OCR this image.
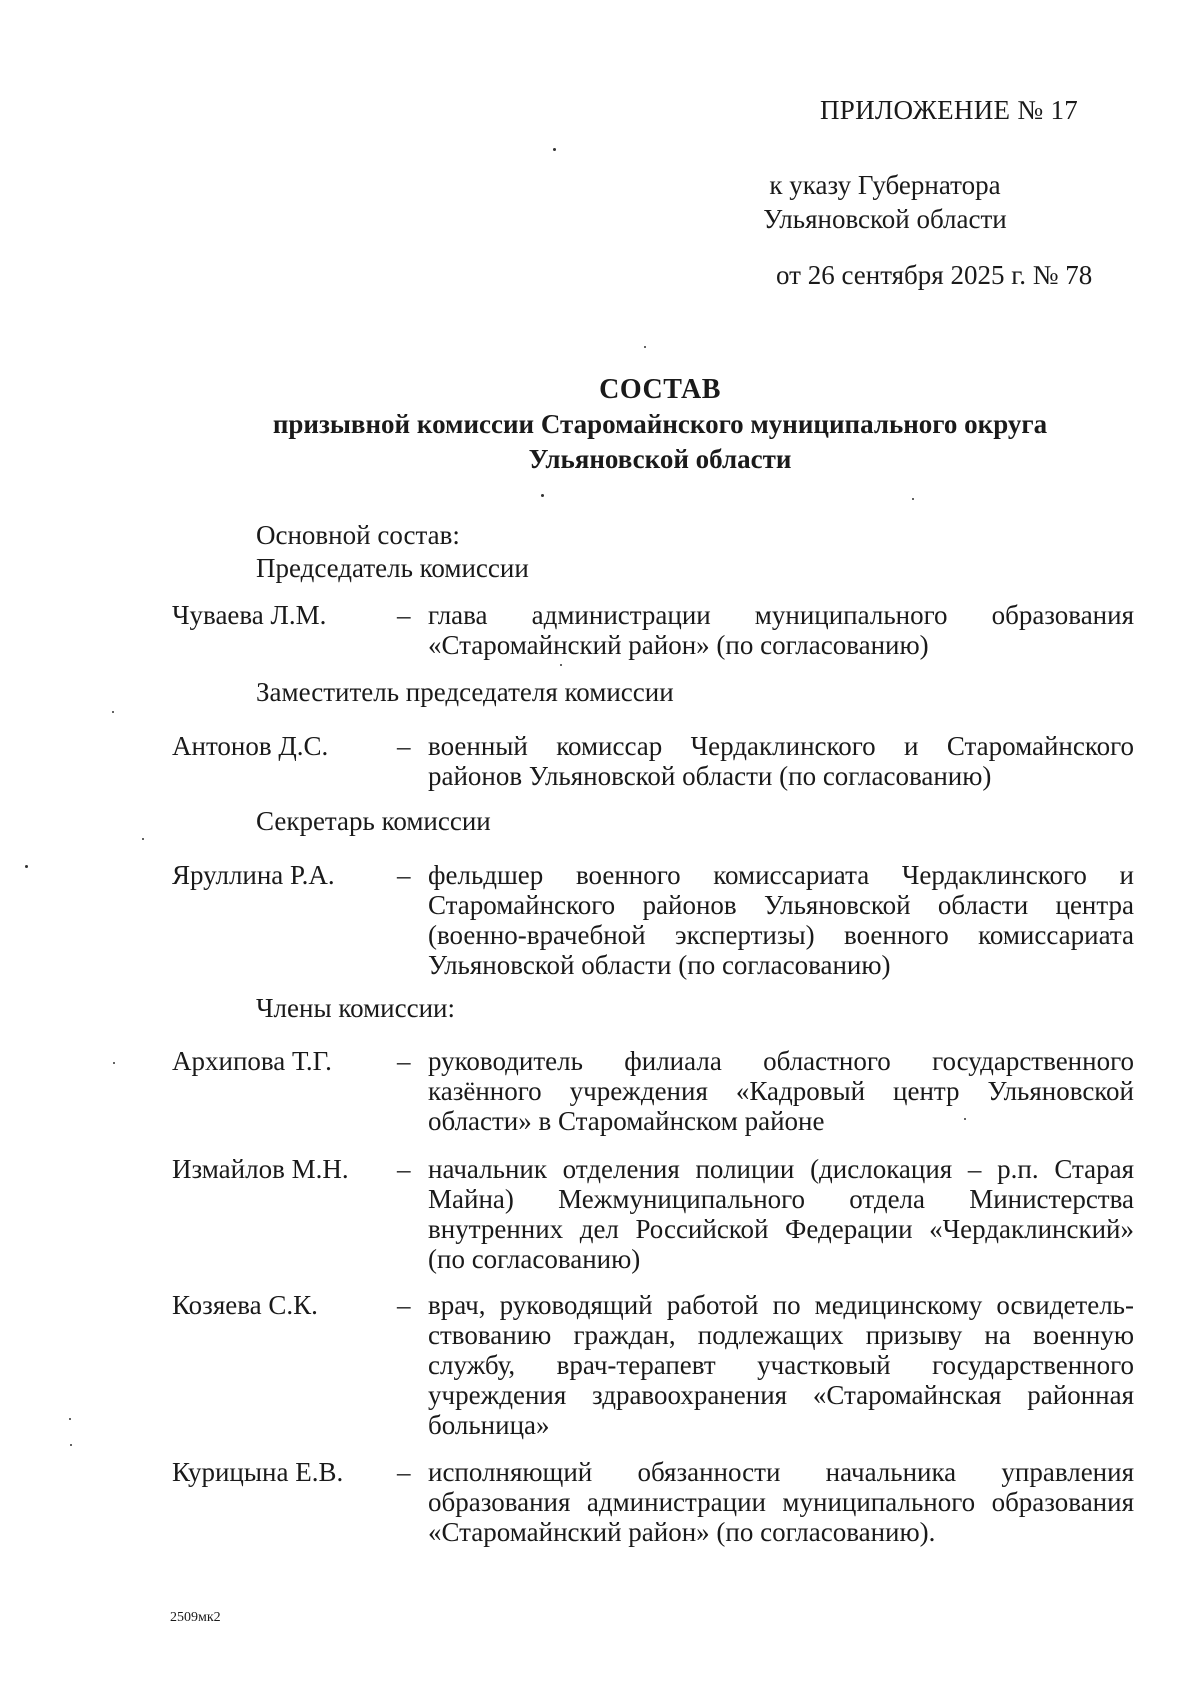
ПРИЛОЖЕНИЕ № 17
к указу Губернатора
Ульяновской области
от 26 сентября 2025 г. № 78
СОСТАВ
призывной комиссии Старомайнского муниципального округа
Ульяновской области
Основной состав:
Председатель комиссии
Чуваева Л.М.	– глава администрации муниципального образования «Старомайнский район» (по согласованию)
Заместитель председателя комиссии
Антонов Д.С.	– военный комиссар Чердаклинского и Старомайнского районов Ульяновской области (по согласованию)
Секретарь комиссии
Яруллина Р.А.	– фельдшер военного комиссариата Чердаклинского и Старомайнского районов Ульяновской области центра (военно-врачебной экспертизы) военного комиссариата Ульяновской области (по согласованию)
Члены комиссии:
Архипова Т.Г.	– руководитель филиала областного государственного казённого учреждения «Кадровый центр Ульяновской области» в Старомайнском районе
Измайлов М.Н.	– начальник отделения полиции (дислокация – р.п. Старая Майна) Межмуниципального отдела Министерства внутренних дел Российской Федерации «Чердаклинский» (по согласованию)
Козяева С.К.	– врач, руководящий работой по медицинскому освидетель-ствованию граждан, подлежащих призыву на военную службу, врач-терапевт участковый государственного учреждения здравоохранения «Старомайнская районная больница»
Курицына Е.В.	– исполняющий обязанности начальника управления образования администрации муниципального образования «Старомайнский район» (по согласованию).
2509мк2
